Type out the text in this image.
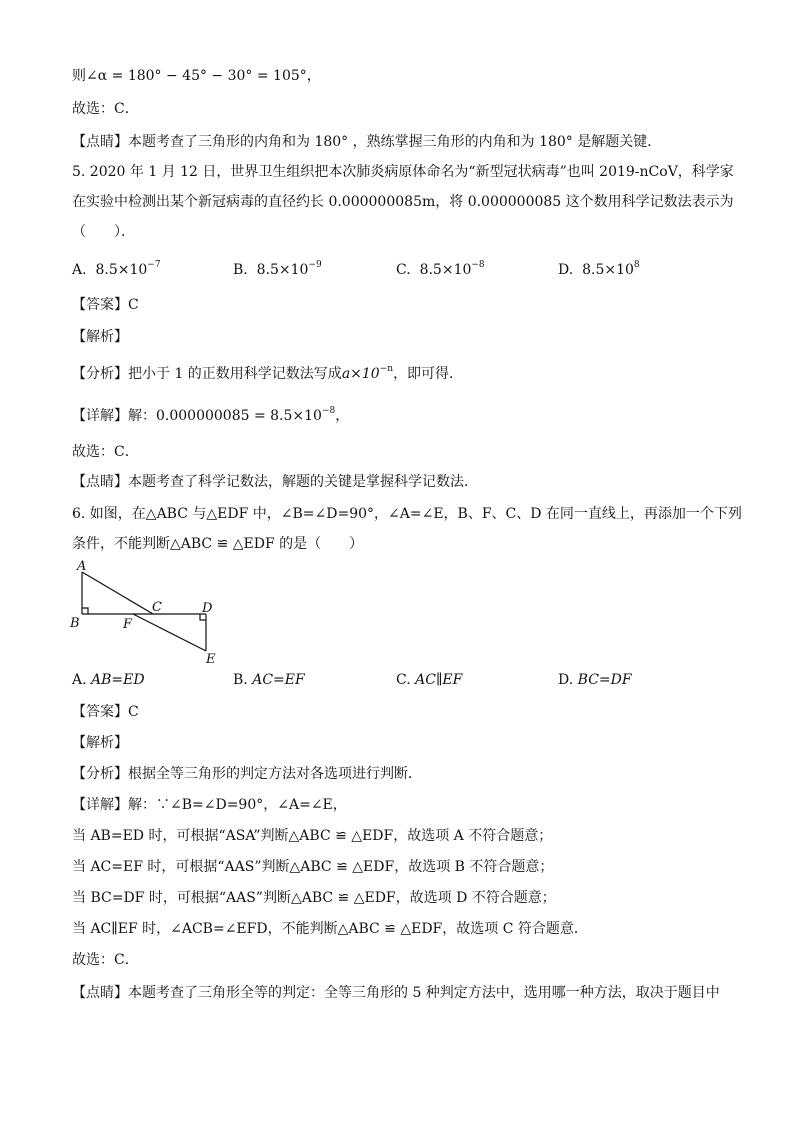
则∠α = 180° − 45° − 30° = 105°，
故选：C．
【点睛】本题考查了三角形的内角和为 180° ，熟练掌握三角形的内角和为 180° 是解题关键．
5. 2020 年 1 月 12 日，世界卫生组织把本次肺炎病原体命名为“新型冠状病毒”也叫 2019-nCoV，科学家
在实验中检测出某个新冠病毒的直径约长 0.000000085m，将 0.000000085 这个数用科学记数法表示为
（　　）．
A. $8.5\times 10^{-7}$	B. $8.5\times 10^{-9}$	C. $8.5\times 10^{-8}$	D. $8.5\times 10^8$
【答案】C
【解析】
【分析】把小于 1 的正数用科学记数法写成$a\times 10^{-n}$，即可得．
【详解】解：$0.000000085 = 8.5\times 10^{-8}$，
故选：C．
【点睛】本题考查了科学记数法，解题的关键是掌握科学记数法．
6. 如图，在△ABC 与△EDF 中，∠B=∠D=90°，∠A=∠E，B、F、C、D 在同一直线上，再添加一个下列
条件，不能判断△ABC ≌ △EDF 的是（　　）
A
B
C	D
E
F
A. AB=ED	B. AC=EF	C. AC∥EF	D. BC=DF
【答案】C
【解析】
【分析】根据全等三角形的判定方法对各选项进行判断．
【详解】解：∵∠B=∠D=90°，∠A=∠E，
当 AB=ED 时，可根据“ASA”判断△ABC ≌ △EDF，故选项 A 不符合题意；
当 AC=EF 时，可根据“AAS”判断△ABC ≌ △EDF，故选项 B 不符合题意；
当 BC=DF 时，可根据“AAS”判断△ABC ≌ △EDF，故选项 D 不符合题意；
当 AC∥EF 时，∠ACB=∠EFD，不能判断△ABC ≌ △EDF，故选项 C 符合题意．
故选：C．
【点睛】本题考查了三角形全等的判定：全等三角形的 5 种判定方法中，选用哪一种方法，取决于题目中
